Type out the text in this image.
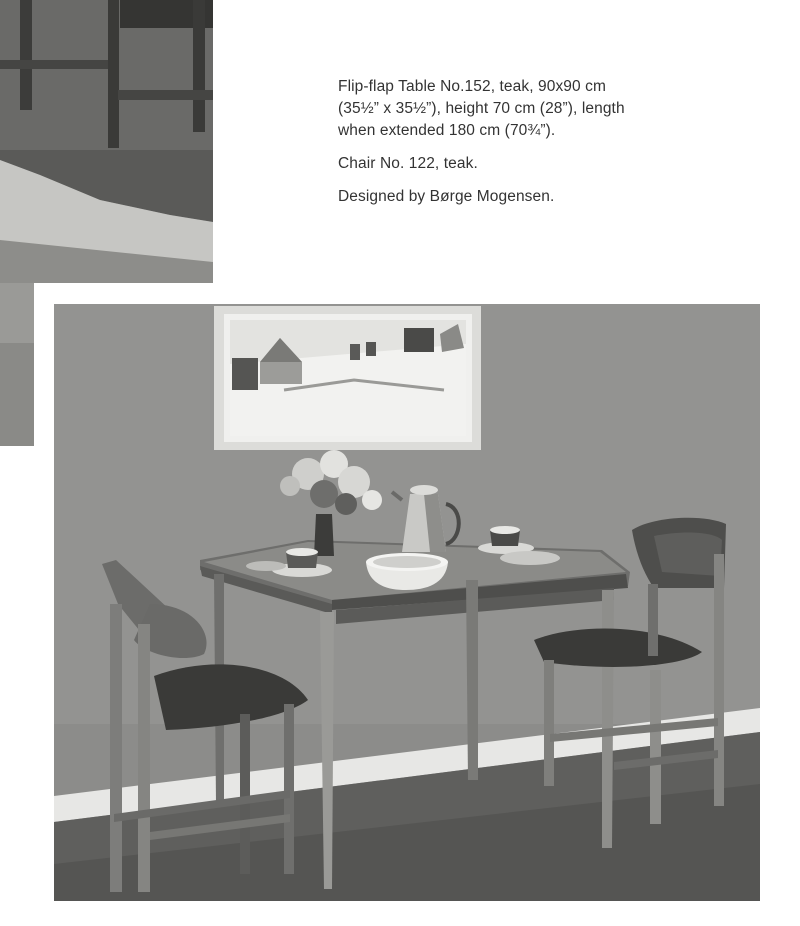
Flip-flap Table No.152, teak, 90x90 cm (35½” x 35½”), height 70 cm (28”), length when extended 180 cm (70¾”).

Chair No. 122, teak.

Designed by Børge Mogensen.
